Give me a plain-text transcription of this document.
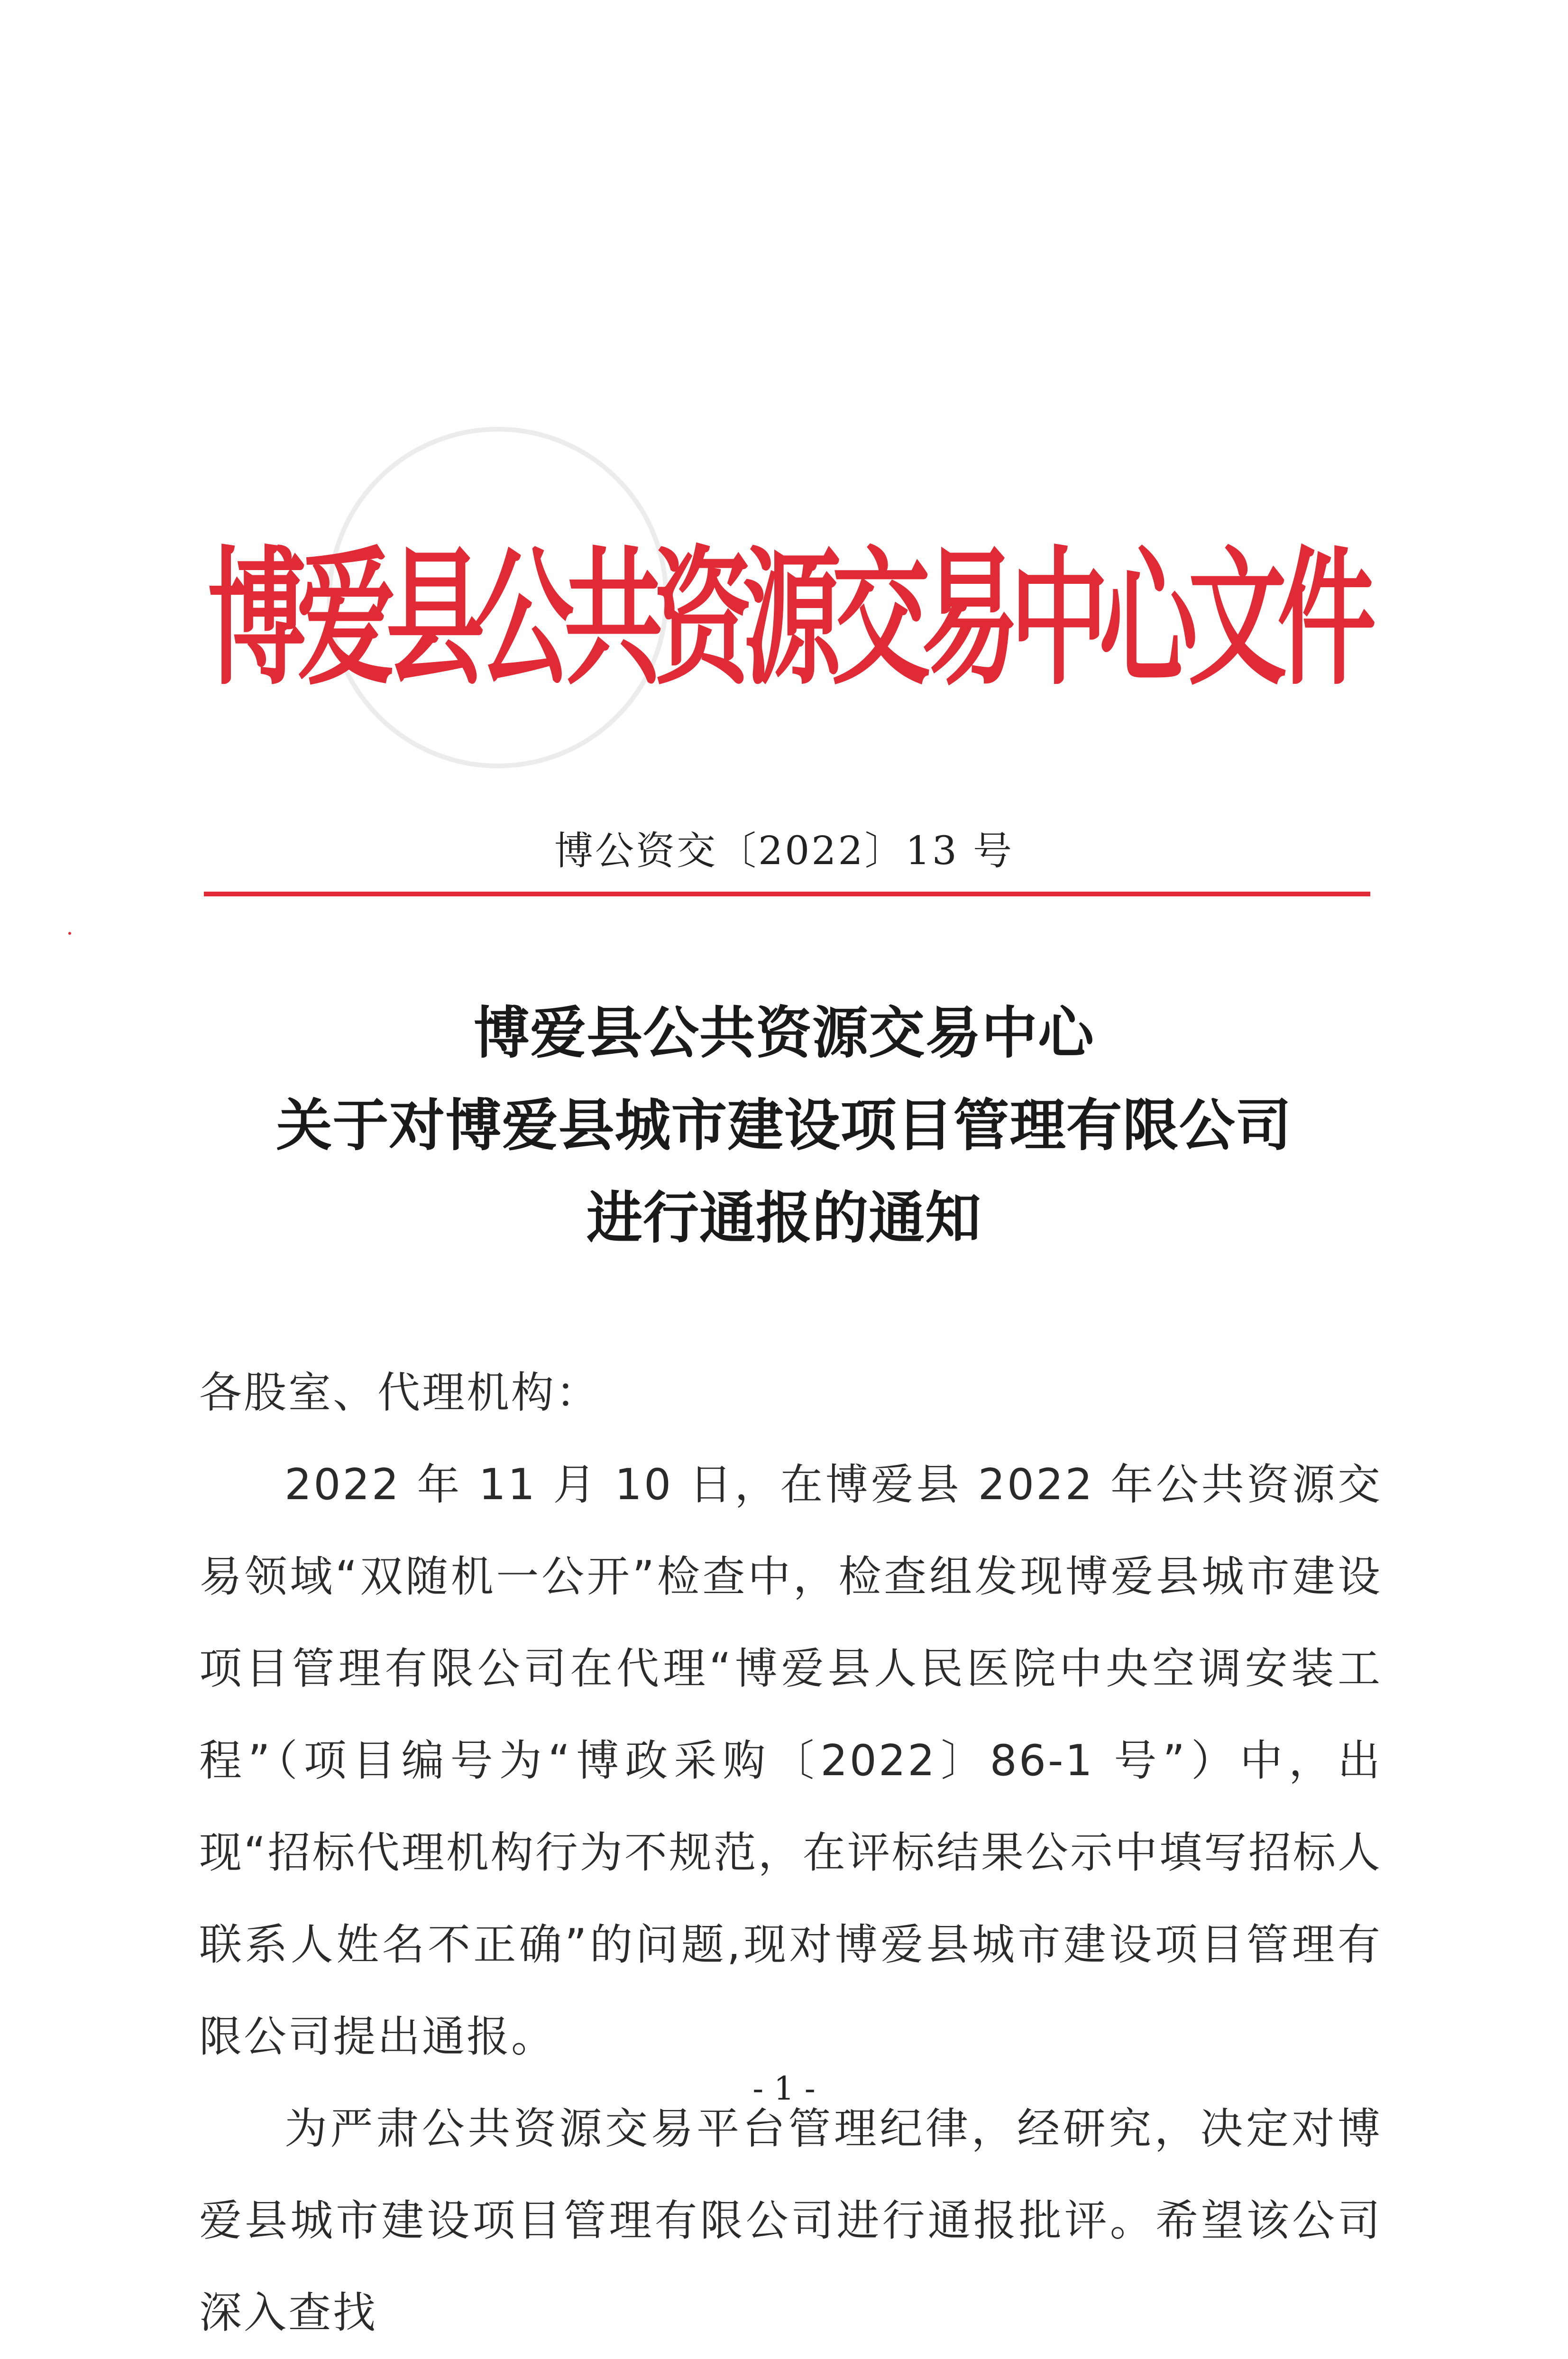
博爱县公共资源交易中心文件
博公资交〔2022〕13 号
博爱县公共资源交易中心
关于对博爱县城市建设项目管理有限公司
进行通报的通知

各股室、代理机构：

2022 年 11 月 10 日，在博爱县 2022 年公共资源交易领域“双随机一公开”检查中，检查组发现博爱县城市建设项目管理有限公司在代理“博爱县人民医院中央空调安装工程”（项目编号为“博政采购〔2022〕86-1 号”）中，出现“招标代理机构行为不规范，在评标结果公示中填写招标人联系人姓名不正确”的问题,现对博爱县城市建设项目管理有限公司提出通报。

为严肃公共资源交易平台管理纪律，经研究，决定对博爱县城市建设项目管理有限公司进行通报批评。希望该公司深入查找

- 1 -
